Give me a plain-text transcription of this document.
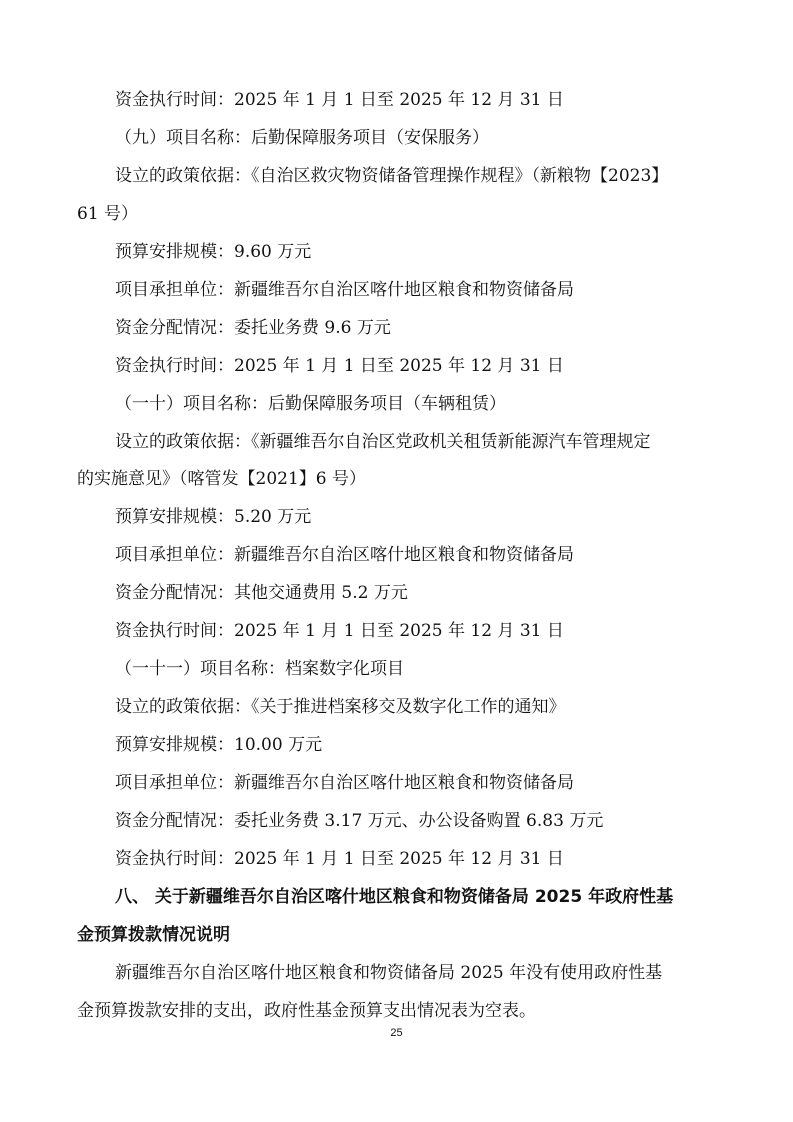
资金执行时间：2025 年 1 月 1 日至 2025 年 12 月 31 日
（九）项目名称：后勤保障服务项目（安保服务）
设立的政策依据：《自治区救灾物资储备管理操作规程》（新粮物【2023】
61 号）
预算安排规模：9.60 万元
项目承担单位：新疆维吾尔自治区喀什地区粮食和物资储备局
资金分配情况：委托业务费 9.6 万元
资金执行时间：2025 年 1 月 1 日至 2025 年 12 月 31 日
（一十）项目名称：后勤保障服务项目（车辆租赁）
设立的政策依据：《新疆维吾尔自治区党政机关租赁新能源汽车管理规定
的实施意见》（喀管发【2021】6 号）
预算安排规模：5.20 万元
项目承担单位：新疆维吾尔自治区喀什地区粮食和物资储备局
资金分配情况：其他交通费用 5.2 万元
资金执行时间：2025 年 1 月 1 日至 2025 年 12 月 31 日
（一十一）项目名称：档案数字化项目
设立的政策依据：《关于推进档案移交及数字化工作的通知》
预算安排规模：10.00 万元
项目承担单位：新疆维吾尔自治区喀什地区粮食和物资储备局
资金分配情况：委托业务费 3.17 万元、办公设备购置 6.83 万元
资金执行时间：2025 年 1 月 1 日至 2025 年 12 月 31 日
八、 关于新疆维吾尔自治区喀什地区粮食和物资储备局 2025 年政府性基
金预算拨款情况说明
新疆维吾尔自治区喀什地区粮食和物资储备局 2025 年没有使用政府性基
金预算拨款安排的支出，政府性基金预算支出情况表为空表。
25
